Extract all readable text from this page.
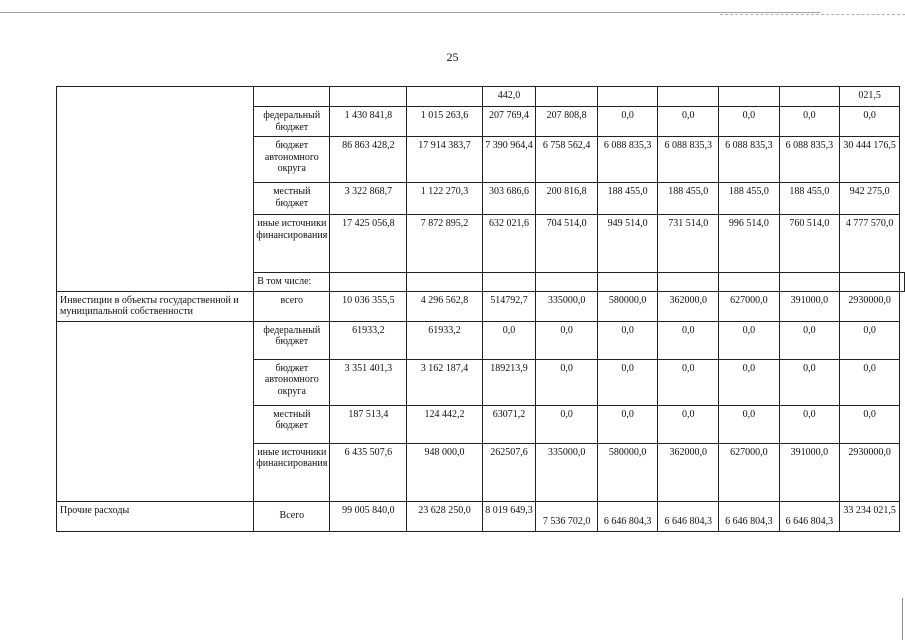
25
				442,0						021,5	
	федеральный бюджет	1 430 841,8	1 015 263,6	207 769,4	207 808,8	0,0	0,0	0,0	0,0	0,0	
	бюджет автономного округа	86 863 428,2	17 914 383,7	7 390 964,4	6 758 562,4	6 088 835,3	6 088 835,3	6 088 835,3	6 088 835,3	30 444 176,5	
	местный бюджет	3 322 868,7	1 122 270,3	303 686,6	200 816,8	188 455,0	188 455,0	188 455,0	188 455,0	942 275,0	
	иные источники финансирования	17 425 056,8	7 872 895,2	632 021,6	704 514,0	949 514,0	731 514,0	996 514,0	760 514,0	4 777 570,0	
	В том числе:										
Инвестиции в объекты государственной и муниципальной собственности	всего	10 036 355,5	4 296 562,8	514792,7	335000,0	580000,0	362000,0	627000,0	391000,0	2930000,0	
	федеральный бюджет	61933,2	61933,2	0,0	0,0	0,0	0,0	0,0	0,0	0,0	
	бюджет автономного округа	3 351 401,3	3 162 187,4	189213,9	0,0	0,0	0,0	0,0	0,0	0,0	
	местный бюджет	187 513,4	124 442,2	63071,2	0,0	0,0	0,0	0,0	0,0	0,0	
	иные источники финансирования	6 435 507,6	948 000,0	262507,6	335000,0	580000,0	362000,0	627000,0	391000,0	2930000,0	
Прочие расходы	Всего	99 005 840,0	23 628 250,0	8 019 649,3	7 536 702,0	6 646 804,3	6 646 804,3	6 646 804,3	6 646 804,3	33 234 021,5	
